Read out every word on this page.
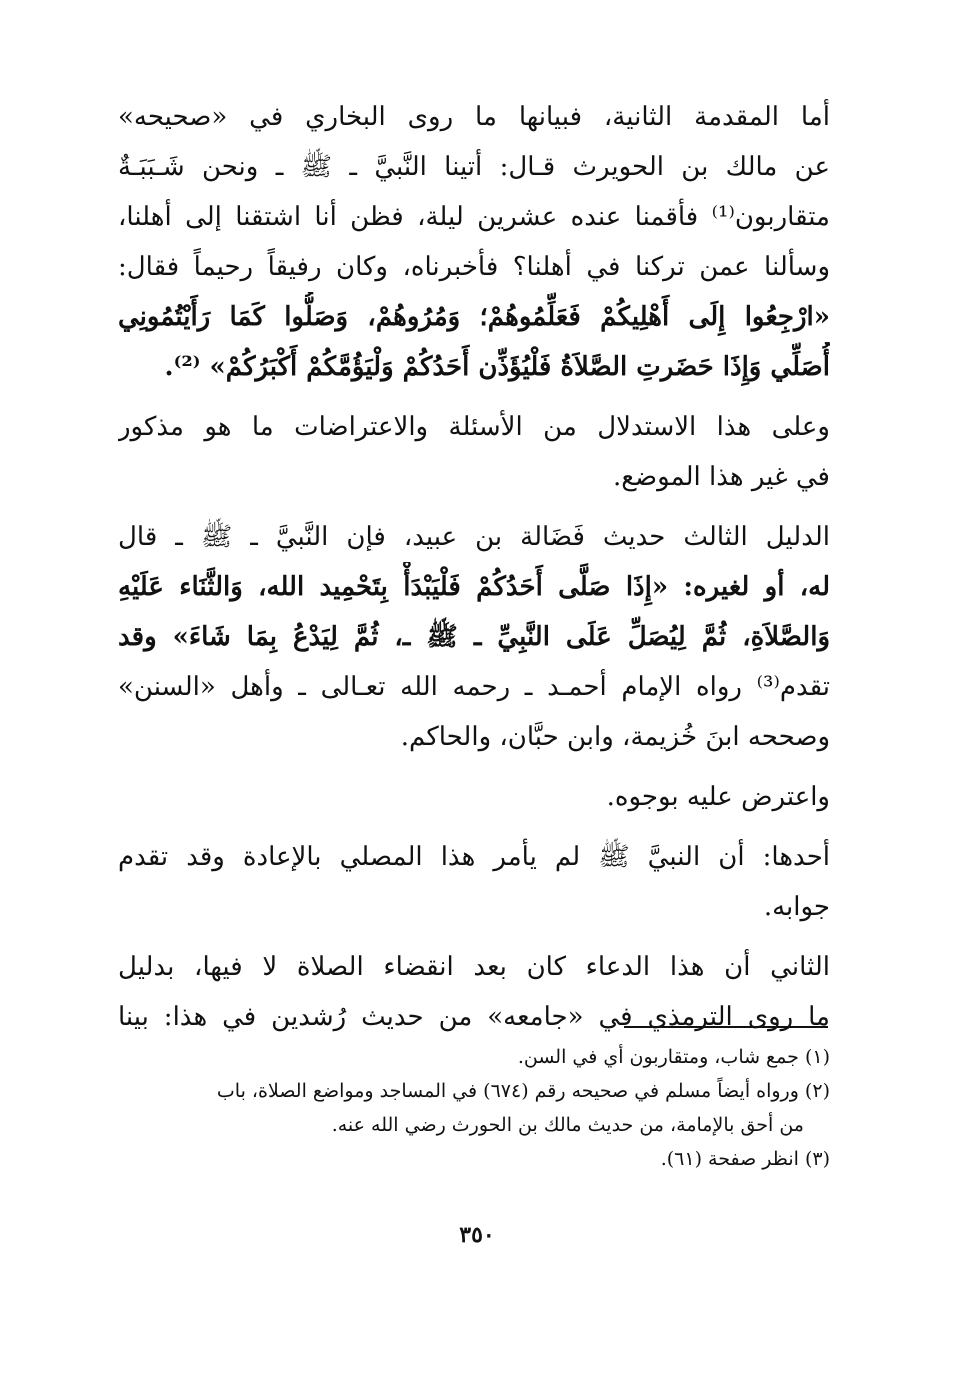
أما المقدمة الثانية، فبيانها ما روى البخاري في «صحيحه»
عن مالك بن الحويرث قـال: أتينا النَّبيَّ ـ ﷺ ـ ونحن شَـبَبَـةٌ
متقاربون⁽¹⁾ فأقمنا عنده عشرين ليلة، فظن أنا اشتقنا إلى أهلنا،
وسألنا عمن تركنا في أهلنا؟ فأخبرناه، وكان رفيقاً رحيماً فقال:
«ارْجِعُوا إِلَى أَهْلِيكُمْ فَعَلِّمُوهُمْ؛ وَمُرُوهُمْ، وَصَلُّوا كَمَا رَأَيْتُمُونِي
أُصَلِّي وَإِذَا حَضَرتِ الصَّلاَةُ فَلْيُؤَذِّن أَحَدُكُمْ وَلْيَؤُمَّكُمْ أَكْبَرُكُمْ» ⁽²⁾.
وعلى هذا الاستدلال من الأسئلة والاعتراضات ما هو مذكور
في غير هذا الموضع.
الدليل الثالث حديث فَضَالة بن عبيد، فإن النَّبيَّ ـ ﷺ ـ قال
له، أو لغيره: «إِذَا صَلَّى أَحَدُكُمْ فَلْيَبْدَأْ بِتَحْمِيد الله، وَالثَّنَاء عَلَيْهِ
وَالصَّلاَةِ، ثُمَّ لِيُصَلِّ عَلَى النَّبِيِّ ـ ﷺ ـ، ثُمَّ لِيَدْعُ بِمَا شَاءَ» وقد
تقدم⁽³⁾ رواه الإمام أحمـد ـ رحمه الله تعـالى ـ وأهل «السنن»
وصححه ابنَ خُزيمة، وابن حبَّان، والحاكم.
واعترض عليه بوجوه.
أحدها: أن النبيَّ ﷺ لم يأمر هذا المصلي بالإعادة وقد تقدم
جوابه.
الثاني أن هذا الدعاء كان بعد انقضاء الصلاة لا فيها، بدليل
ما روى الترمذي في «جامعه» من حديث رُشدين في هذا: بينا
(١) جمع شاب، ومتقاربون أي في السن.
(٢) ورواه أيضاً مسلم في صحيحه رقم (٦٧٤) في المساجد ومواضع الصلاة، باب
من أحق بالإمامة، من حديث مالك بن الحورث رضي الله عنه.
(٣) انظر صفحة (٦١).
٣٥٠
